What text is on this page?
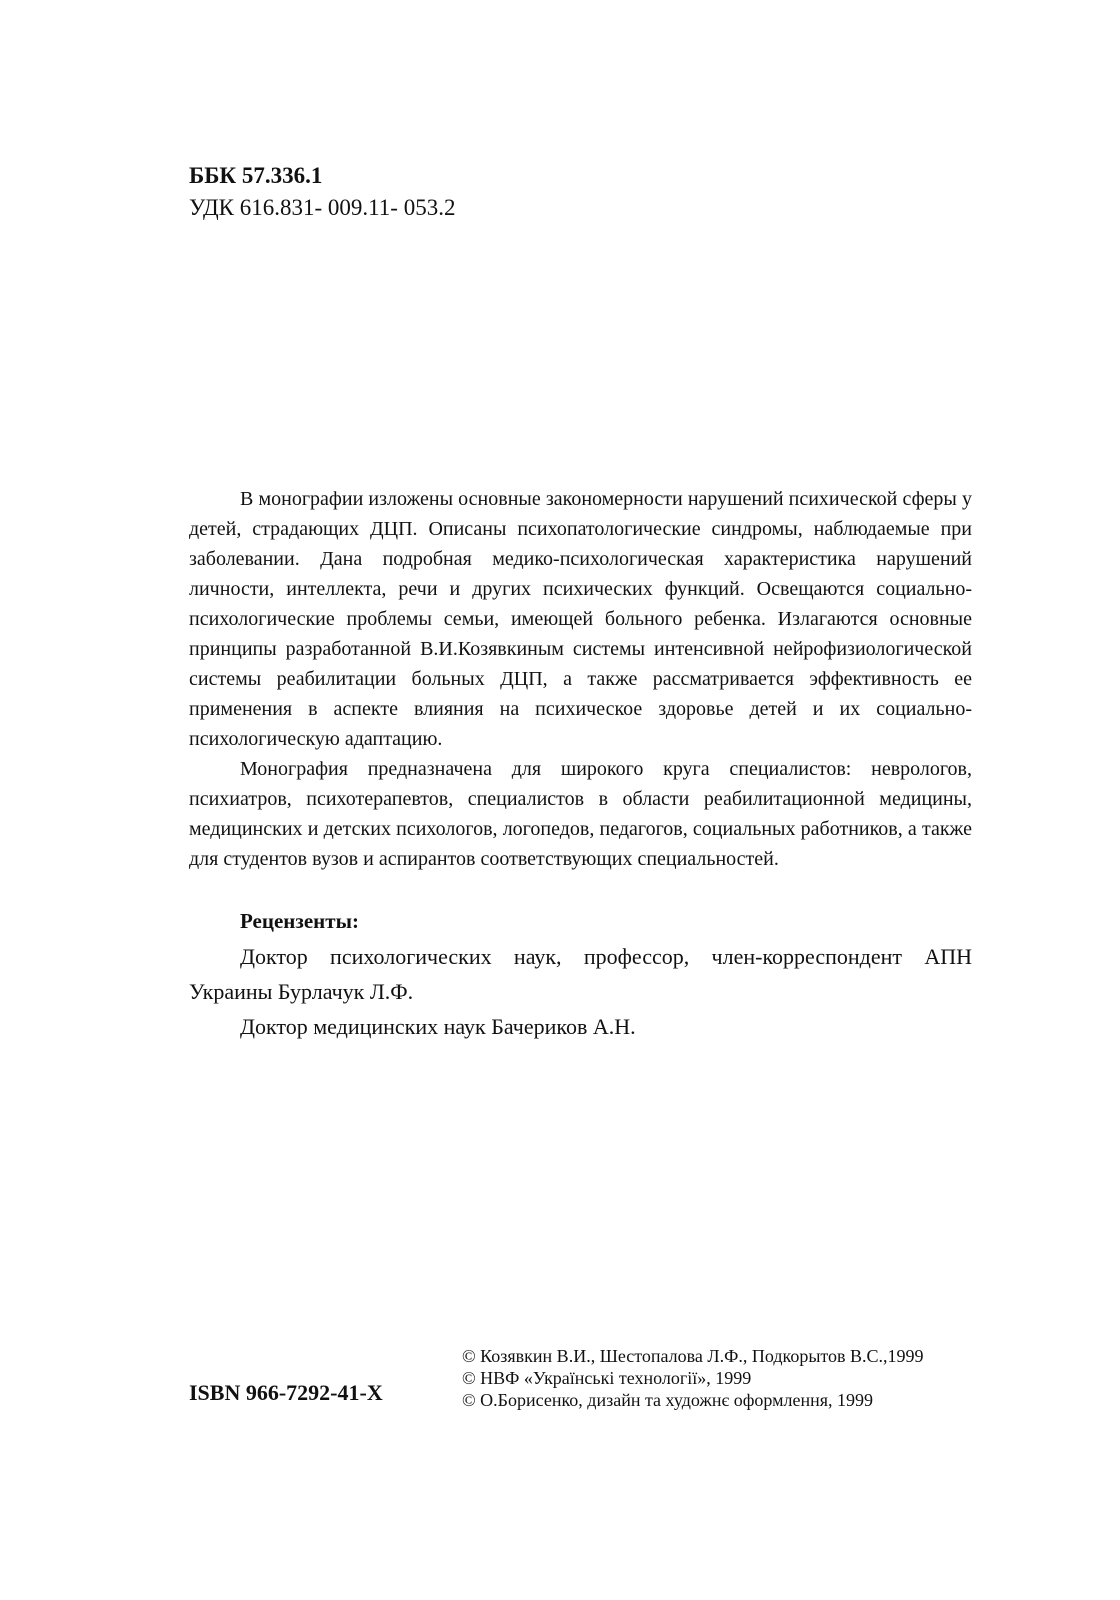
ББК 57.336.1
УДК 616.831- 009.11- 053.2

В монографии изложены основные закономерности нарушений психической сферы у детей, страдающих ДЦП. Описаны психопатологические синдромы, наблюдаемые при заболевании. Дана подробная медико-психологическая характеристика нарушений личности, интеллекта, речи и других психических функций. Освещаются социально-психологические проблемы семьи, имеющей больного ребенка. Излагаются основные принципы разработанной В.И.Козявкиным системы интенсивной нейрофизиологической системы реабилитации больных ДЦП, а также рассматривается эффективность ее применения в аспекте влияния на психическое здоровье детей и их социально-психологическую адаптацию.

Монография предназначена для широкого круга специалистов: неврологов, психиатров, психотерапевтов, специалистов в области реабилитационной медицины, медицинских и детских психологов, логопедов, педагогов, социальных работников, а также для студентов вузов и аспирантов соответствующих специальностей.

Рецензенты:

Доктор психологических наук, профессор, член-корреспондент АПН Украины Бурлачук Л.Ф.

Доктор медицинских наук Бачериков А.Н.

ISBN 966-7292-41-X
© Козявкин В.И., Шестопалова Л.Ф., Подкорытов В.С.,1999
© НВФ «Українські технології», 1999
© О.Борисенко, дизайн та художнє оформлення, 1999
